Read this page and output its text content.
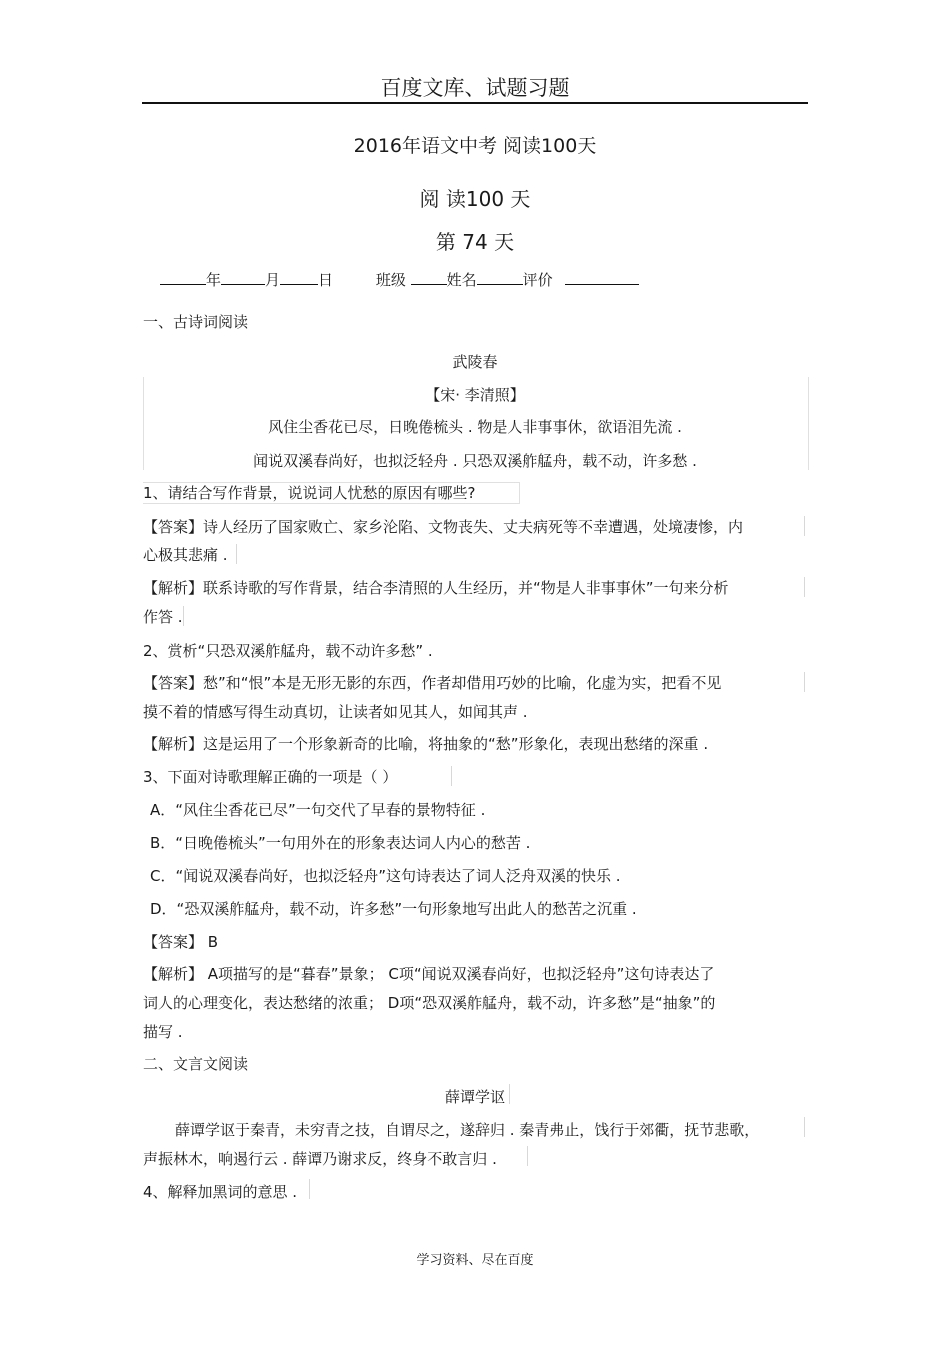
百度文库、试题习题
2016年语文中考 阅读100天
阅 读100 天
第 74 天
年	月	日	班级	姓名	评价
一、古诗词阅读
武陵春
【宋· 李清照】
风住尘香花已尽，日晚倦梳头 . 物是人非事事休，欲语泪先流 .
闻说双溪春尚好，也拟泛轻舟 . 只恐双溪舴艋舟，载不动，许多愁 .
1、请结合写作背景，说说词人忧愁的原因有哪些?
【答案】诗人经历了国家败亡、家乡沦陷、文物丧失、丈夫病死等不幸遭遇，处境凄惨，内
心极其悲痛 .
【解析】联系诗歌的写作背景，结合李清照的人生经历，并“物是人非事事休”一句来分析
作答 .
2、赏析“只恐双溪舴艋舟，载不动许多愁” .
【答案】愁”和“恨”本是无形无影的东西，作者却借用巧妙的比喻，化虚为实，把看不见
摸不着的情感写得生动真切，让读者如见其人，如闻其声 .
【解析】这是运用了一个形象新奇的比喻，将抽象的“愁”形象化，表现出愁绪的深重 .
3、下面对诗歌理解正确的一项是（ ）
A．“风住尘香花已尽”一句交代了早春的景物特征 .
B．“日晚倦梳头”一句用外在的形象表达词人内心的愁苦 .
C．“闻说双溪春尚好，也拟泛轻舟”这句诗表达了词人泛舟双溪的快乐 .
D．“恐双溪舴艋舟，载不动，许多愁”一句形象地写出此人的愁苦之沉重 .
【答案】 B
【解析】 A项描写的是“暮春”景象； C项“闻说双溪春尚好，也拟泛轻舟”这句诗表达了
词人的心理变化，表达愁绪的浓重； D项“恐双溪舴艋舟，载不动，许多愁”是“抽象”的
描写 .
二、文言文阅读
薛谭学讴
薛谭学讴于秦青，未穷青之技，自谓尽之，遂辞归 . 秦青弗止，饯行于郊衢，抚节悲歌，
声振林木，响遏行云 . 薛谭乃谢求反，终身不敢言归 .
4、解释加黑词的意思 .
学习资料、尽在百度
